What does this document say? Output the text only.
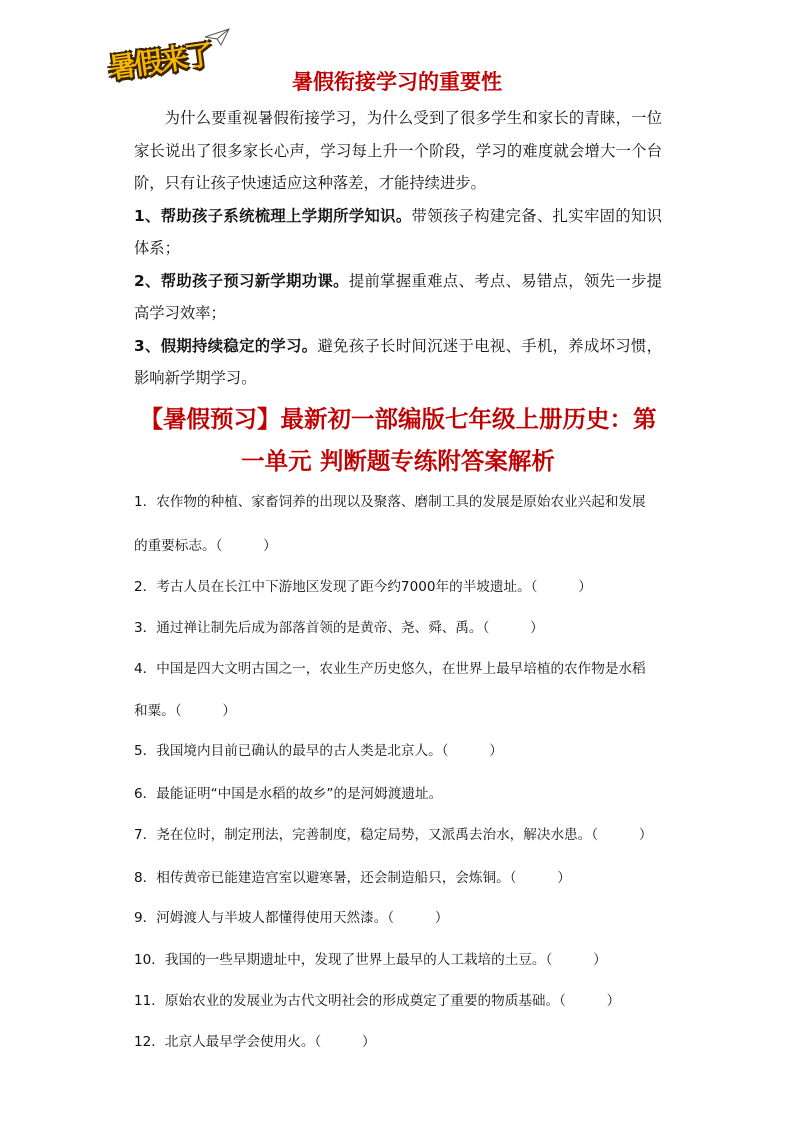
暑假来了	暑假衔接学习的重要性

为什么要重视暑假衔接学习，为什么受到了很多学生和家长的青睐，一位家长说出了很多家长心声，学习每上升一个阶段，学习的难度就会增大一个台阶，只有让孩子快速适应这种落差，才能持续进步。

1、帮助孩子系统梳理上学期所学知识。带领孩子构建完备、扎实牢固的知识体系；

2、帮助孩子预习新学期功课。提前掌握重难点、考点、易错点，领先一步提高学习效率；

3、假期持续稳定的学习。避免孩子长时间沉迷于电视、手机，养成坏习惯，影响新学期学习。

【暑假预习】最新初一部编版七年级上册历史：第
一单元 判断题专练附答案解析
1．农作物的种植、家畜饲养的出现以及聚落、磨制工具的发展是原始农业兴起和发展
的重要标志。（　　　）
2．考古人员在长江中下游地区发现了距今约7000年的半坡遗址。（　　　）
3．通过禅让制先后成为部落首领的是黄帝、尧、舜、禹。（　　　）
4．中国是四大文明古国之一，农业生产历史悠久，在世界上最早培植的农作物是水稻
和粟。（　　　）
5．我国境内目前已确认的最早的古人类是北京人。（　　　）
6．最能证明“中国是水稻的故乡”的是河姆渡遗址。
7．尧在位时，制定刑法，完善制度，稳定局势，又派禹去治水，解决水患。（　　　）
8．相传黄帝已能建造宫室以避寒暑，还会制造船只，会炼铜。（　　　）
9．河姆渡人与半坡人都懂得使用天然漆。（　　　）
10．我国的一些早期遗址中，发现了世界上最早的人工栽培的土豆。（　　　）
11．原始农业的发展业为古代文明社会的形成奠定了重要的物质基础。（　　　）
12．北京人最早学会使用火。（　　　）
